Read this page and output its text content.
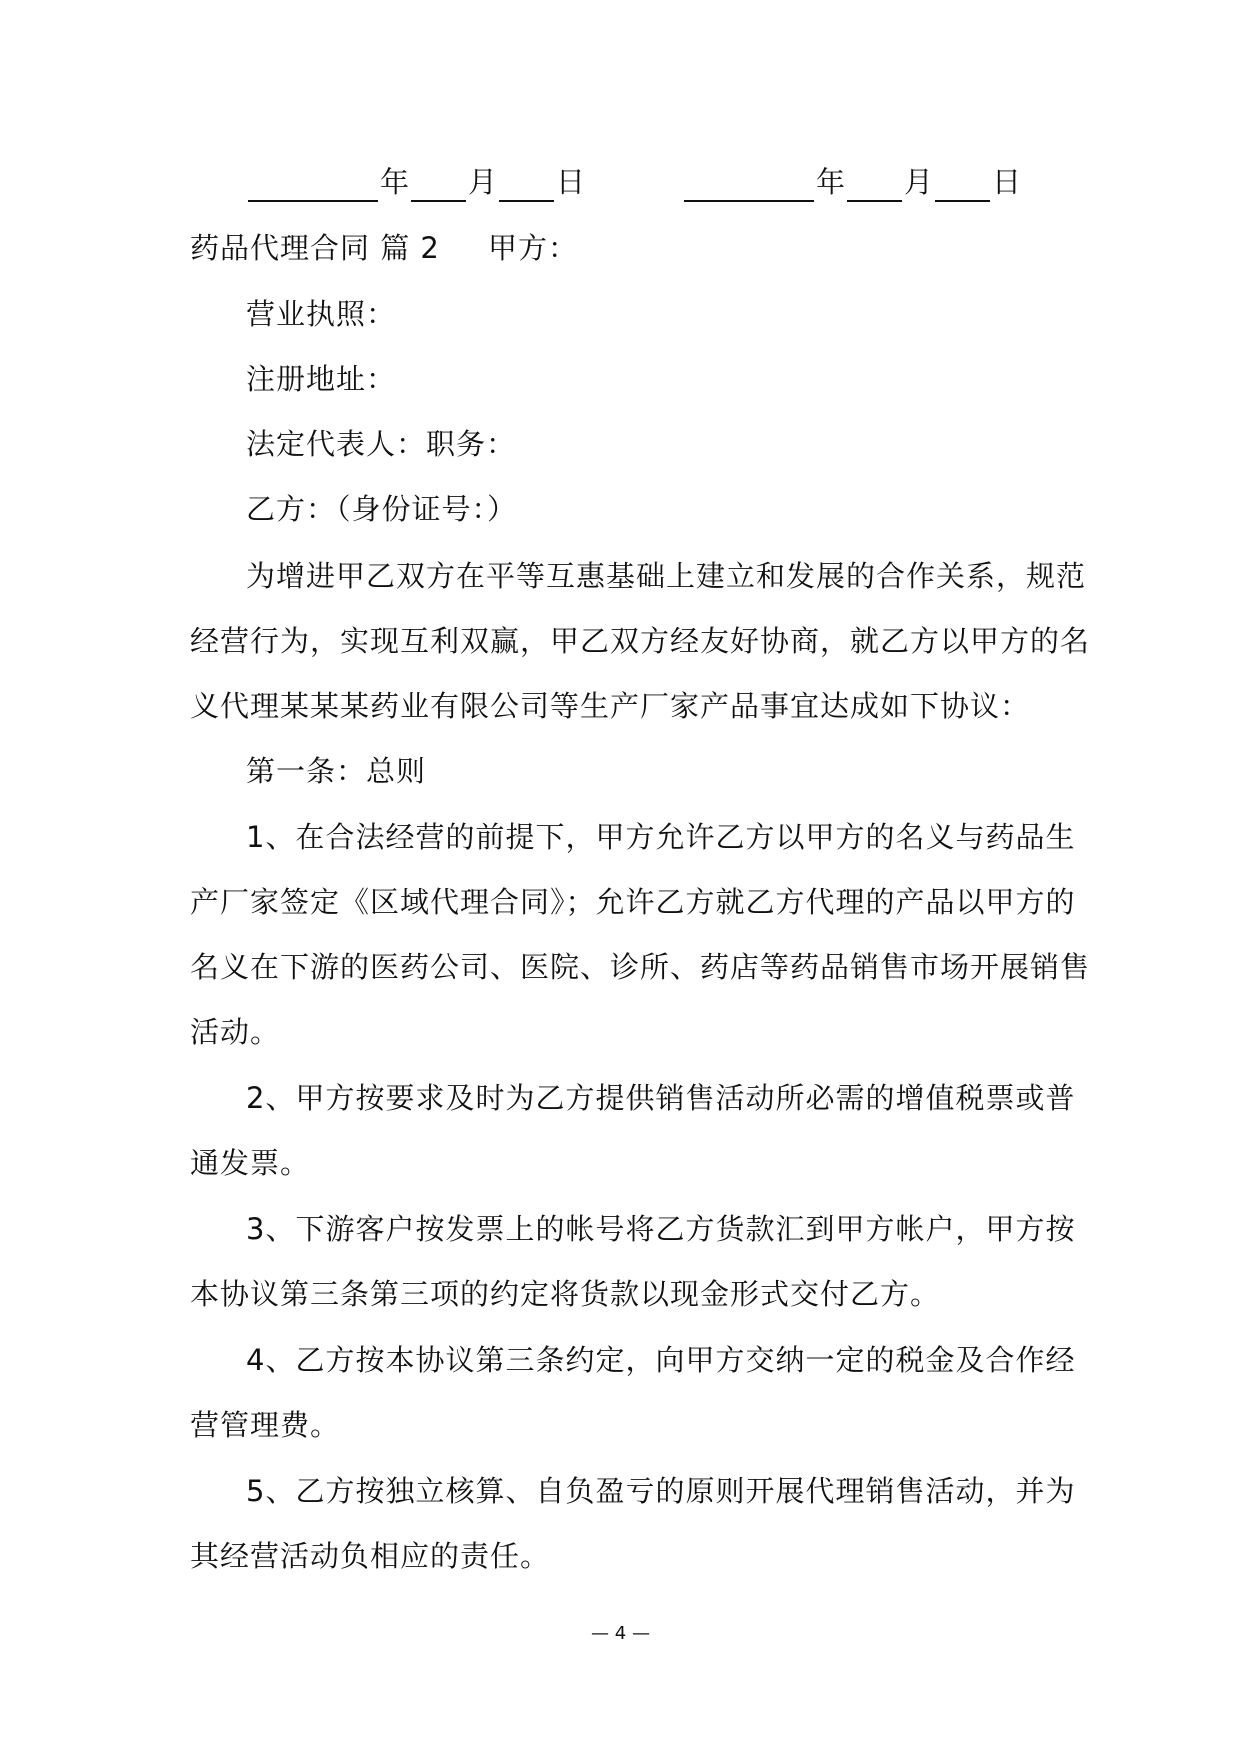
年 月 日	年 月 日
药品代理合同 篇 2 甲方：
营业执照：
注册地址：
法定代表人：职务：
乙方：（身份证号：）
为增进甲乙双方在平等互惠基础上建立和发展的合作关系，规范
经营行为，实现互利双赢，甲乙双方经友好协商，就乙方以甲方的名
义代理某某某药业有限公司等生产厂家产品事宜达成如下协议：
第一条：总则
1、在合法经营的前提下，甲方允许乙方以甲方的名义与药品生
产厂家签定《区域代理合同》；允许乙方就乙方代理的产品以甲方的
名义在下游的医药公司、医院、诊所、药店等药品销售市场开展销售
活动。
2、甲方按要求及时为乙方提供销售活动所必需的增值税票或普
通发票。
3、下游客户按发票上的帐号将乙方货款汇到甲方帐户，甲方按
本协议第三条第三项的约定将货款以现金形式交付乙方。
4、乙方按本协议第三条约定，向甲方交纳一定的税金及合作经
营管理费。
5、乙方按独立核算、自负盈亏的原则开展代理销售活动，并为
其经营活动负相应的责任。
— 4 —
